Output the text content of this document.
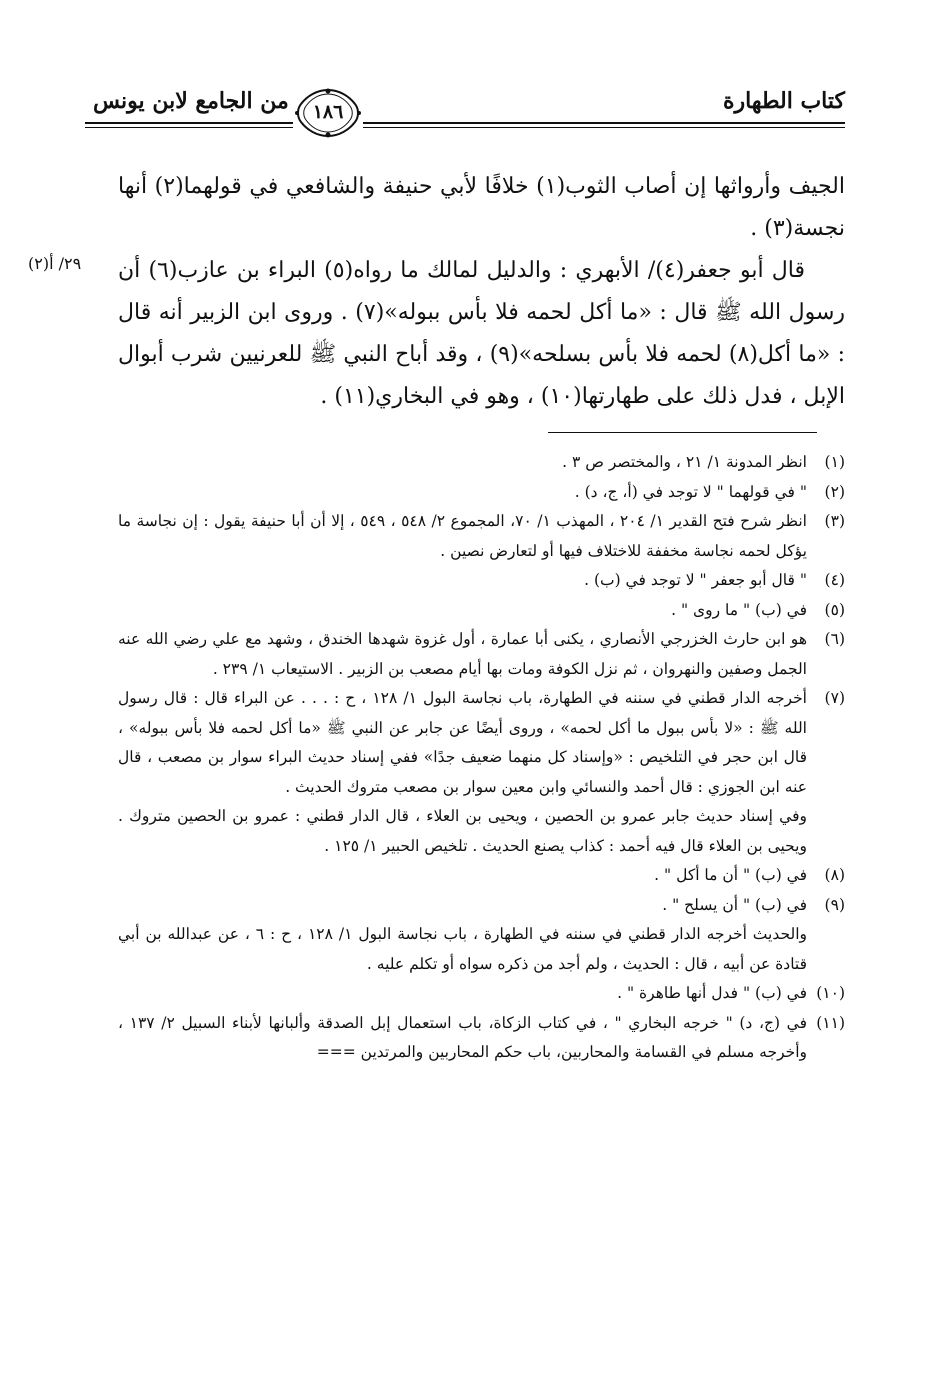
كتاب الطهارة
من الجامع لابن يونس	١٨٦
٢٩/ أ(٢)
الجيف وأرواثها إن أصاب الثوب(١) خلافًا لأبي حنيفة والشافعي في قولهما(٢) أنها نجسة(٣) .
قال أبو جعفر(٤)/ الأبهري : والدليل لمالك ما رواه(٥) البراء بن عازب(٦) أن رسول الله ﷺ قال : «ما أكل لحمه فلا بأس ببوله»(٧) . وروى ابن الزبير أنه قال : «ما أكل(٨) لحمه فلا بأس بسلحه»(٩) ، وقد أباح النبي ﷺ للعرنيين شرب أبوال الإبل ، فدل ذلك على طهارتها(١٠) ، وهو في البخاري(١١) .
(١)
انظر المدونة ١/ ٢١ ، والمختصر ص ٣ .
(٢)
" في قولهما " لا توجد في (أ، ج، د) .
(٣)
انظر شرح فتح القدير ١/ ٢٠٤ ، المهذب ١/ ٧٠، المجموع ٢/ ٥٤٨ ، ٥٤٩ ، إلا أن أبا حنيفة يقول : إن نجاسة ما يؤكل لحمه نجاسة مخففة للاختلاف فيها أو لتعارض نصين .
(٤)
" قال أبو جعفر " لا توجد في (ب) .
(٥)
في (ب) " ما روى " .
(٦)
هو ابن حارث الخزرجي الأنصاري ، يكنى أبا عمارة ، أول غزوة شهدها الخندق ، وشهد مع علي رضي الله عنه الجمل وصفين والنهروان ، ثم نزل الكوفة ومات بها أيام مصعب بن الزبير . الاستيعاب ١/ ٢٣٩ .
(٧)
أخرجه الدار قطني في سننه في الطهارة، باب نجاسة البول ١/ ١٢٨ ، ح : . . . عن البراء قال : قال رسول الله ﷺ : «لا بأس ببول ما أكل لحمه» ، وروى أيضًا عن جابر عن النبي ﷺ «ما أكل لحمه فلا بأس ببوله» ، قال ابن حجر في التلخيص : «وإسناد كل منهما ضعيف جدًا» ففي إسناد حديث البراء سوار بن مصعب ، قال عنه ابن الجوزي : قال أحمد والنسائي وابن معين سوار بن مصعب متروك الحديث .
وفي إسناد حديث جابر عمرو بن الحصين ، ويحيى بن العلاء ، قال الدار قطني : عمرو بن الحصين متروك . ويحيى بن العلاء قال فيه أحمد : كذاب يصنع الحديث . تلخيص الحبير ١/ ١٢٥ .
(٨)
في (ب) " أن ما أكل " .
(٩)
في (ب) " أن يسلح " .
والحديث أخرجه الدار قطني في سننه في الطهارة ، باب نجاسة البول ١/ ١٢٨ ، ح : ٦ ، عن عبدالله بن أبي قتادة عن أبيه ، قال : الحديث ، ولم أجد من ذكره سواه أو تكلم عليه .
(١٠)
في (ب) " فدل أنها طاهرة " .
(١١)
في (ج، د) " خرجه البخاري " ، في كتاب الزكاة، باب استعمال إبل الصدقة وألبانها لأبناء السبيل ٢/ ١٣٧ ، وأخرجه مسلم في القسامة والمحاربين، باب حكم المحاربين والمرتدين ===
